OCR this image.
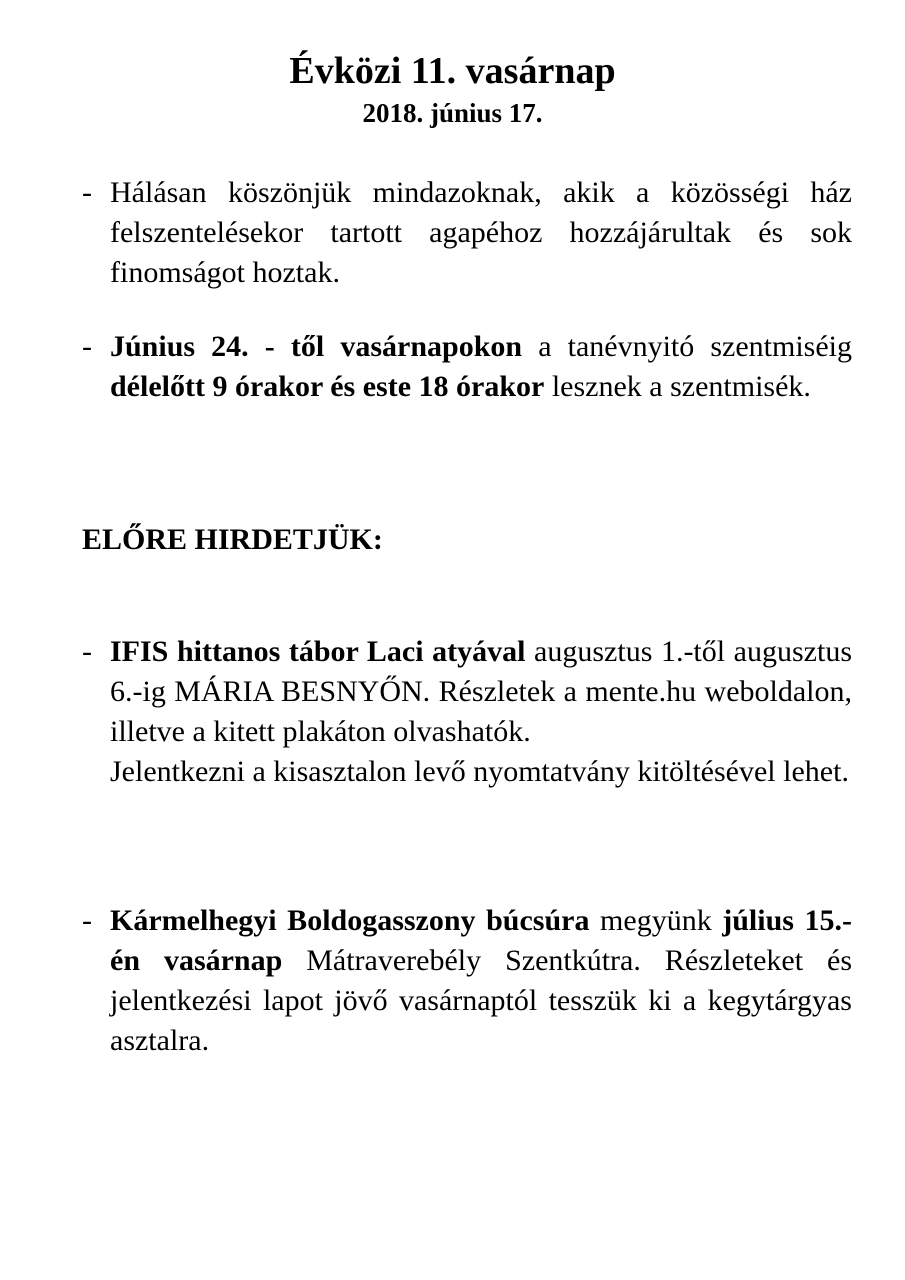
Évközi 11. vasárnap
2018. június 17.
- Hálásan köszönjük mindazoknak, akik a közösségi ház felszentelésekor tartott agapéhoz hozzájárultak és sok finomságot hoztak.
- Június 24. - től vasárnapokon a tanévnyitó szentmiséig délelőtt 9 órakor és este 18 órakor lesznek a szentmisék.
ELŐRE HIRDETJÜK:
- IFIS hittanos tábor Laci atyával augusztus 1.-től augusztus 6.-ig MÁRIA BESNYŐN. Részletek a mente.hu weboldalon,  illetve a kitett plakáton olvashatók.

Jelentkezni a kisasztalon levő nyomtatvány kitöltésével lehet.

- Kármelhegyi Boldogasszony búcsúra megyünk július 15.-én vasárnap Mátraverebély Szentkútra. Részleteket és jelentkezési lapot jövő vasárnaptól tesszük ki a kegytárgyas asztalra.
